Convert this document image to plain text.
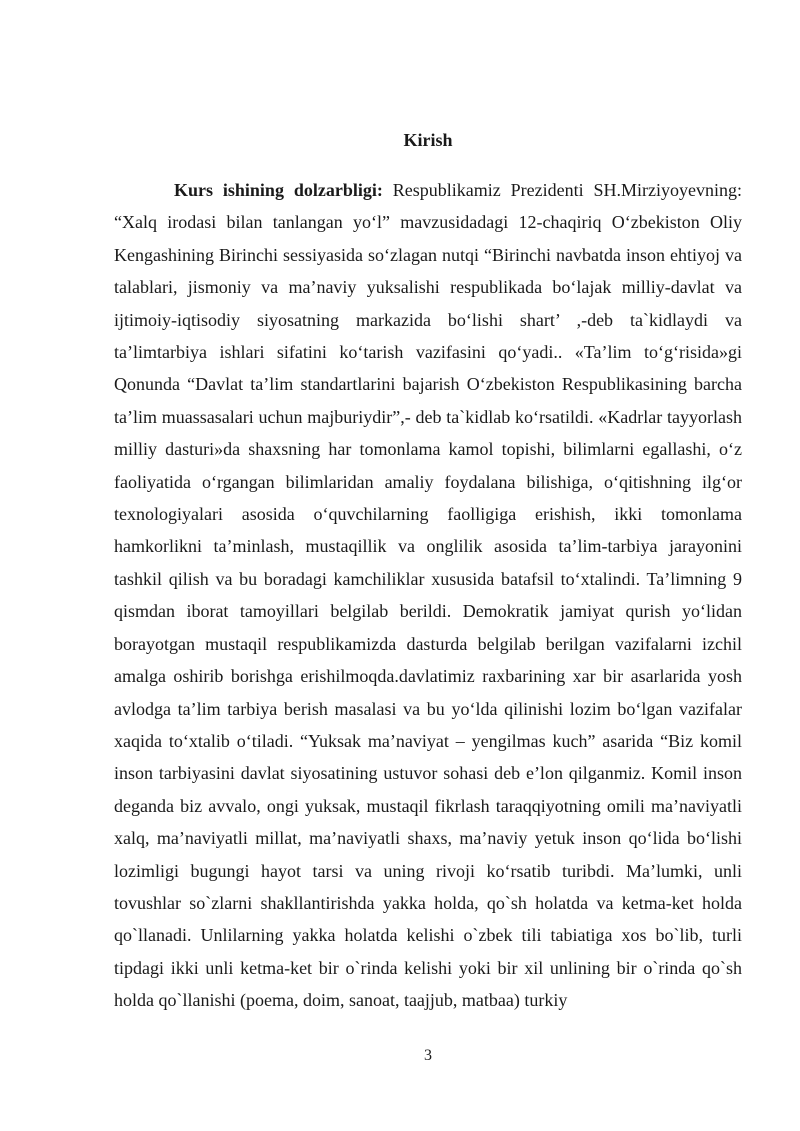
Kirish

Kurs ishining dolzarbligi: Respublikamiz Prezidenti SH.Mirziyoyevning: “Xalq irodasi bilan tanlangan yo‘l” mavzusidadagi 12-chaqiriq O‘zbekiston Oliy Kengashining Birinchi sessiyasida so‘zlagan nutqi “Birinchi navbatda inson ehtiyoj va talablari, jismoniy va ma’naviy yuksalishi respublikada bo‘lajak milliy-davlat va ijtimoiy-iqtisodiy siyosatning markazida bo‘lishi shart’ ,-deb ta`kidlaydi va ta’limtarbiya ishlari sifatini ko‘tarish vazifasini qo‘yadi.. «Ta’lim to‘g‘risida»gi Qonunda “Davlat ta’lim standartlarini bajarish O‘zbekiston Respublikasining barcha ta’lim muassasalari uchun majburiydir”,- deb ta`kidlab ko‘rsatildi. «Kadrlar tayyorlash milliy dasturi»da shaxsning har tomonlama kamol topishi, bilimlarni egallashi, o‘z faoliyatida o‘rgangan bilimlaridan amaliy foydalana bilishiga, o‘qitishning ilg‘or texnologiyalari asosida o‘quvchilarning faolligiga erishish, ikki tomonlama hamkorlikni ta’minlash, mustaqillik va onglilik asosida ta’lim-tarbiya jarayonini tashkil qilish va bu boradagi kamchiliklar xususida batafsil to‘xtalindi. Ta’limning 9 qismdan iborat tamoyillari belgilab berildi. Demokratik jamiyat qurish yo‘lidan borayotgan mustaqil respublikamizda dasturda belgilab berilgan vazifalarni izchil amalga oshirib borishga erishilmoqda.davlatimiz raxbarining xar bir asarlarida yosh avlodga ta’lim tarbiya berish masalasi va bu yo‘lda qilinishi lozim bo‘lgan vazifalar xaqida to‘xtalib o‘tiladi. “Yuksak ma’naviyat – yengilmas kuch” asarida “Biz komil inson tarbiyasini davlat siyosatining ustuvor sohasi deb e’lon qilganmiz. Komil inson deganda biz avvalo, ongi yuksak, mustaqil fikrlash taraqqiyotning omili ma’naviyatli xalq, ma’naviyatli millat, ma’naviyatli shaxs, ma’naviy yetuk inson qo‘lida bo‘lishi lozimligi bugungi hayot tarsi va uning rivoji ko‘rsatib turibdi. Ma’lumki, unli tovushlar so`zlarni shakllantirishda yakka holda, qo`sh holatda va ketma-ket holda qo`llanadi. Unlilarning yakka holatda kelishi o`zbek tili tabiatiga xos bo`lib, turli tipdagi ikki unli ketma-ket bir o`rinda kelishi yoki bir xil unlining bir o`rinda qo`sh holda qo`llanishi (poema, doim, sanoat, taajjub, matbaa) turkiy

3
